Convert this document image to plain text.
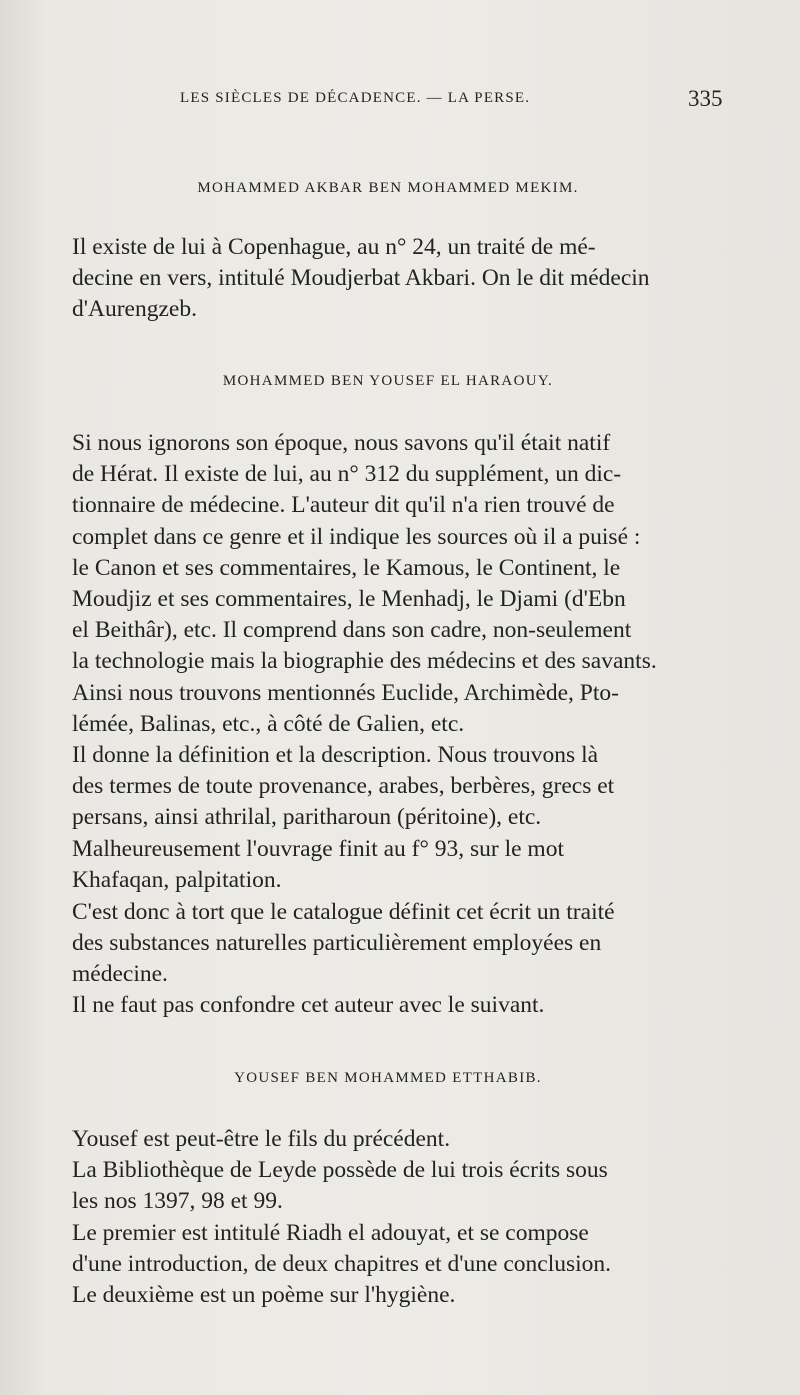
LES SIÈCLES DE DÉCADENCE. — LA PERSE.	335
MOHAMMED AKBAR BEN MOHAMMED MEKIM.

Il existe de lui à Copenhague, au n° 24, un traité de mé-
decine en vers, intitulé Moudjerbat Akbari. On le dit médecin
d'Aurengzeb.

MOHAMMED BEN YOUSEF EL HARAOUY.

Si nous ignorons son époque, nous savons qu'il était natif
de Hérat. Il existe de lui, au n° 312 du supplément, un dic-
tionnaire de médecine. L'auteur dit qu'il n'a rien trouvé de
complet dans ce genre et il indique les sources où il a puisé :
le Canon et ses commentaires, le Kamous, le Continent, le
Moudjiz et ses commentaires, le Menhadj, le Djami (d'Ebn
el Beithâr), etc. Il comprend dans son cadre, non-seulement
la technologie mais la biographie des médecins et des savants.
Ainsi nous trouvons mentionnés Euclide, Archimède, Pto-
lémée, Balinas, etc., à côté de Galien, etc.

Il donne la définition et la description. Nous trouvons là
des termes de toute provenance, arabes, berbères, grecs et
persans, ainsi athrilal, paritharoun (péritoine), etc.

Malheureusement l'ouvrage finit au f° 93, sur le mot
Khafaqan, palpitation.

C'est donc à tort que le catalogue définit cet écrit un traité
des substances naturelles particulièrement employées en
médecine.

Il ne faut pas confondre cet auteur avec le suivant.

YOUSEF BEN MOHAMMED ETTHABIB.

Yousef est peut-être le fils du précédent.

La Bibliothèque de Leyde possède de lui trois écrits sous
les nos 1397, 98 et 99.

Le premier est intitulé Riadh el adouyat, et se compose
d'une introduction, de deux chapitres et d'une conclusion.

Le deuxième est un poème sur l'hygiène.
